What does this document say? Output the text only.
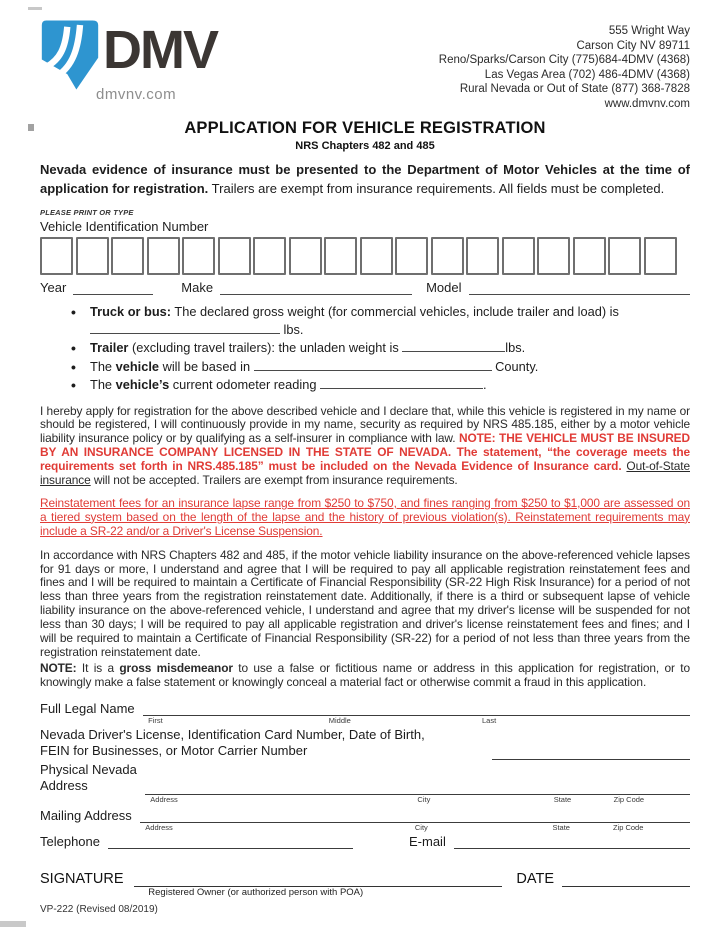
DMV
dmvnv.com
555 Wright Way
Carson City NV 89711
Reno/Sparks/Carson City (775)684-4DMV (4368)
Las Vegas Area (702) 486-4DMV (4368)
Rural Nevada or Out of State (877) 368-7828
www.dmvnv.com
APPLICATION FOR VEHICLE REGISTRATION
NRS Chapters 482 and 485

Nevada evidence of insurance must be presented to the Department of Motor Vehicles at the time of application for registration. Trailers are exempt from insurance requirements. All fields must be completed.

PLEASE PRINT OR TYPE
Vehicle Identification Number
Year	Make	Model
• Truck or bus: The declared gross weight (for commercial vehicles, include trailer and load) is
lbs.
• Trailer (excluding travel trailers): the unladen weight is	lbs.
• The vehicle will be based in	County.
• The vehicle’s current odometer reading	.

I hereby apply for registration for the above described vehicle and I declare that, while this vehicle is registered in my name or should be registered, I will continuously provide in my name, security as required by NRS 485.185, either by a motor vehicle liability insurance policy or by qualifying as a self-insurer in compliance with law. NOTE: THE VEHICLE MUST BE INSURED BY AN INSURANCE COMPANY LICENSED IN THE STATE OF NEVADA. The statement, “the coverage meets the requirements set forth in NRS.485.185” must be included on the Nevada Evidence of Insurance card. Out-of-State insurance will not be accepted. Trailers are exempt from insurance requirements.

Reinstatement fees for an insurance lapse range from $250 to $750, and fines ranging from $250 to $1,000 are assessed on a tiered system based on the length of the lapse and the history of previous violation(s). Reinstatement requirements may include a SR-22 and/or a Driver's License Suspension.

In accordance with NRS Chapters 482 and 485, if the motor vehicle liability insurance on the above-referenced vehicle lapses for 91 days or more, I understand and agree that I will be required to pay all applicable registration reinstatement fees and fines and I will be required to maintain a Certificate of Financial Responsibility (SR-22 High Risk Insurance) for a period of not less than three years from the registration reinstatement date. Additionally, if there is a third or subsequent lapse of vehicle liability insurance on the above-referenced vehicle, I understand and agree that my driver's license will be suspended for not less than 30 days; I will be required to pay all applicable registration and driver's license reinstatement fees and fines; and I will be required to maintain a Certificate of Financial Responsibility (SR-22) for a period of not less than three years from the registration reinstatement date.

NOTE: It is a gross misdemeanor to use a false or fictitious name or address in this application for registration, or to knowingly make a false statement or knowingly conceal a material fact or otherwise commit a fraud in this application.

Full Legal Name
First	Middle	Last
Nevada Driver's License, Identification Card Number, Date of Birth,
FEIN for Businesses, or Motor Carrier Number
Physical Nevada
Address
Address	City	State	Zip Code
Mailing Address
Address	City	State	Zip Code
Telephone	E-mail
SIGNATURE
Registered Owner (or authorized person with POA)
DATE
VP-222 (Revised 08/2019)
